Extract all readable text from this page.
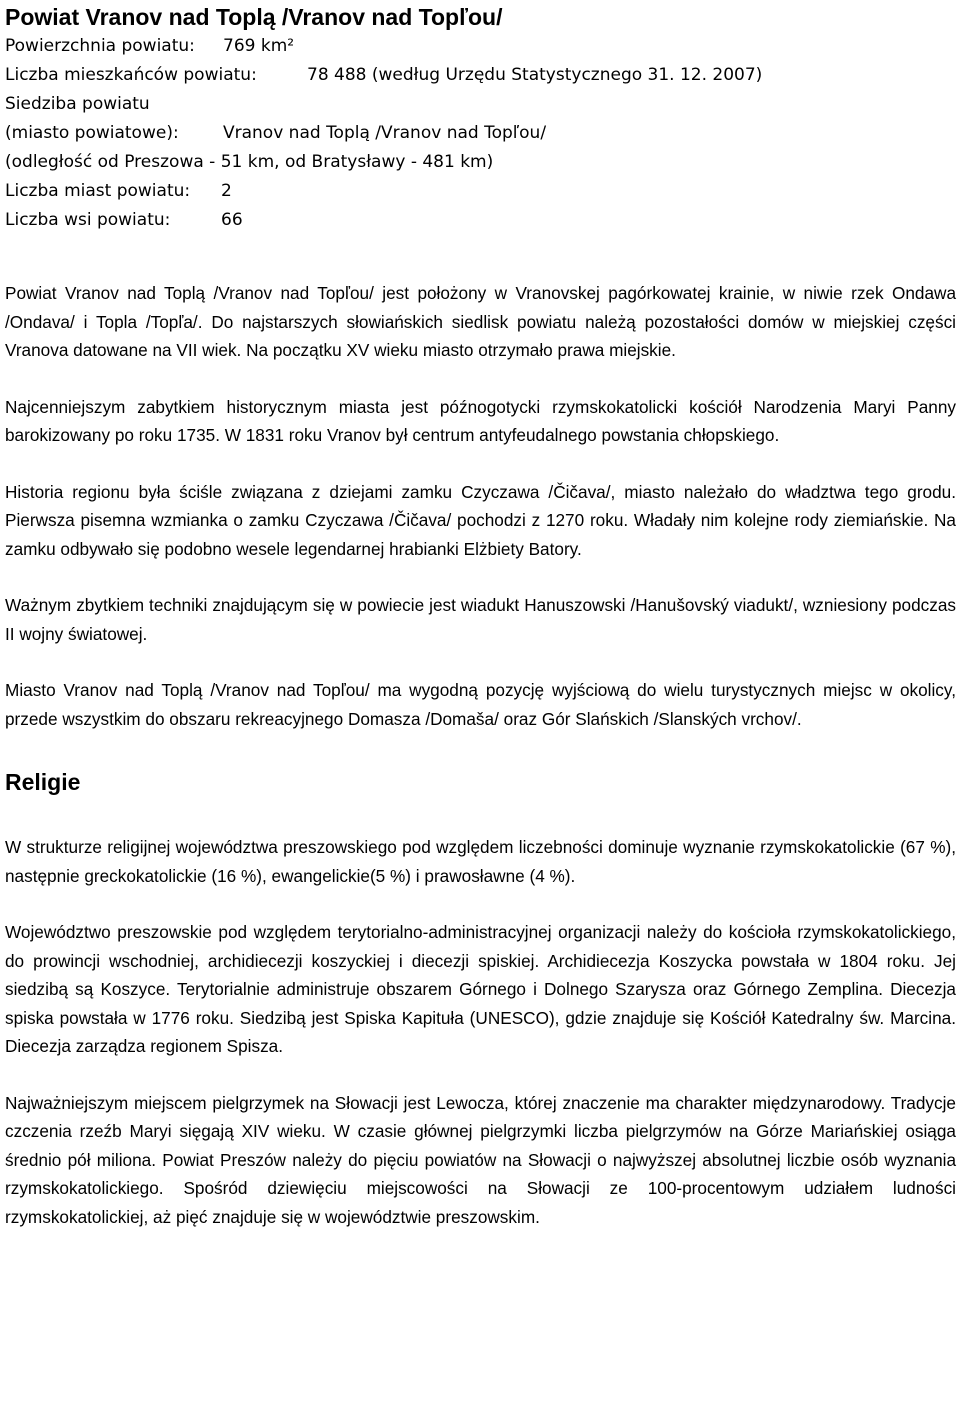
Powiat Vranov nad Toplą /Vranov nad Topľou/
Powierzchnia powiatu: 769 km²
Liczba mieszkańców powiatu:	78 488 (według Urzędu Statystycznego 31. 12. 2007)
Siedziba powiatu
(miasto powiatowe):	Vranov nad Toplą /Vranov nad Topľou/
(odległość od Preszowa - 51 km, od Bratysławy - 481 km)
Liczba miast powiatu: 2
Liczba wsi powiatu:	66

Powiat Vranov nad Toplą /Vranov nad Topľou/ jest położony w Vranovskej pagórkowatej krainie, w niwie rzek Ondawa /Ondava/ i Topla /Topľa/. Do najstarszych słowiańskich siedlisk powiatu należą pozostałości domów w miejskiej części Vranova datowane na VII wiek. Na początku XV wieku miasto otrzymało prawa miejskie.

Najcenniejszym zabytkiem historycznym miasta jest późnogotycki rzymskokatolicki kościół Narodzenia Maryi Panny barokizowany po roku 1735. W 1831 roku Vranov był centrum antyfeudalnego powstania chłopskiego.

Historia regionu była ściśle związana z dziejami zamku Czyczawa /Čičava/, miasto należało do władztwa tego grodu. Pierwsza pisemna wzmianka o zamku Czyczawa /Čičava/ pochodzi z 1270 roku. Władały nim kolejne rody ziemiańskie. Na zamku odbywało się podobno wesele legendarnej hrabianki Elżbiety Batory.

Ważnym zbytkiem techniki znajdującym się w powiecie jest wiadukt Hanuszowski /Hanušovský viadukt/, wzniesiony podczas II wojny światowej.

Miasto Vranov nad Toplą /Vranov nad Topľou/ ma wygodną pozycję wyjściową do wielu turystycznych miejsc w okolicy, przede wszystkim do obszaru rekreacyjnego Domasza /Domaša/ oraz Gór Slańskich /Slanských vrchov/.

Religie

W strukturze religijnej województwa preszowskiego pod względem liczebności dominuje wyznanie rzymskokatolickie (67 %), następnie greckokatolickie (16 %), ewangelickie(5 %) i prawosławne (4 %).

Województwo preszowskie pod względem terytorialno-administracyjnej organizacji należy do kościoła rzymskokatolickiego, do prowincji wschodniej, archidiecezji koszyckiej i diecezji spiskiej. Archidiecezja Koszycka powstała w 1804 roku. Jej siedzibą są Koszyce. Terytorialnie administruje obszarem Górnego i Dolnego Szarysza oraz Górnego Zemplina. Diecezja spiska powstała w 1776 roku. Siedzibą jest Spiska Kapituła (UNESCO), gdzie znajduje się Kościół Katedralny św. Marcina. Diecezja zarządza regionem Spisza.

Najważniejszym miejscem pielgrzymek na Słowacji jest Lewocza, której znaczenie ma charakter międzynarodowy. Tradycje czczenia rzeźb Maryi sięgają XIV wieku. W czasie głównej pielgrzymki liczba pielgrzymów na Górze Mariańskiej osiąga średnio pół miliona. Powiat Preszów należy do pięciu powiatów na Słowacji o najwyższej absolutnej liczbie osób wyznania rzymskokatolickiego. Spośród dziewięciu miejscowości na Słowacji ze 100-procentowym udziałem ludności rzymskokatolickiej, aż pięć znajduje się w województwie preszowskim.
